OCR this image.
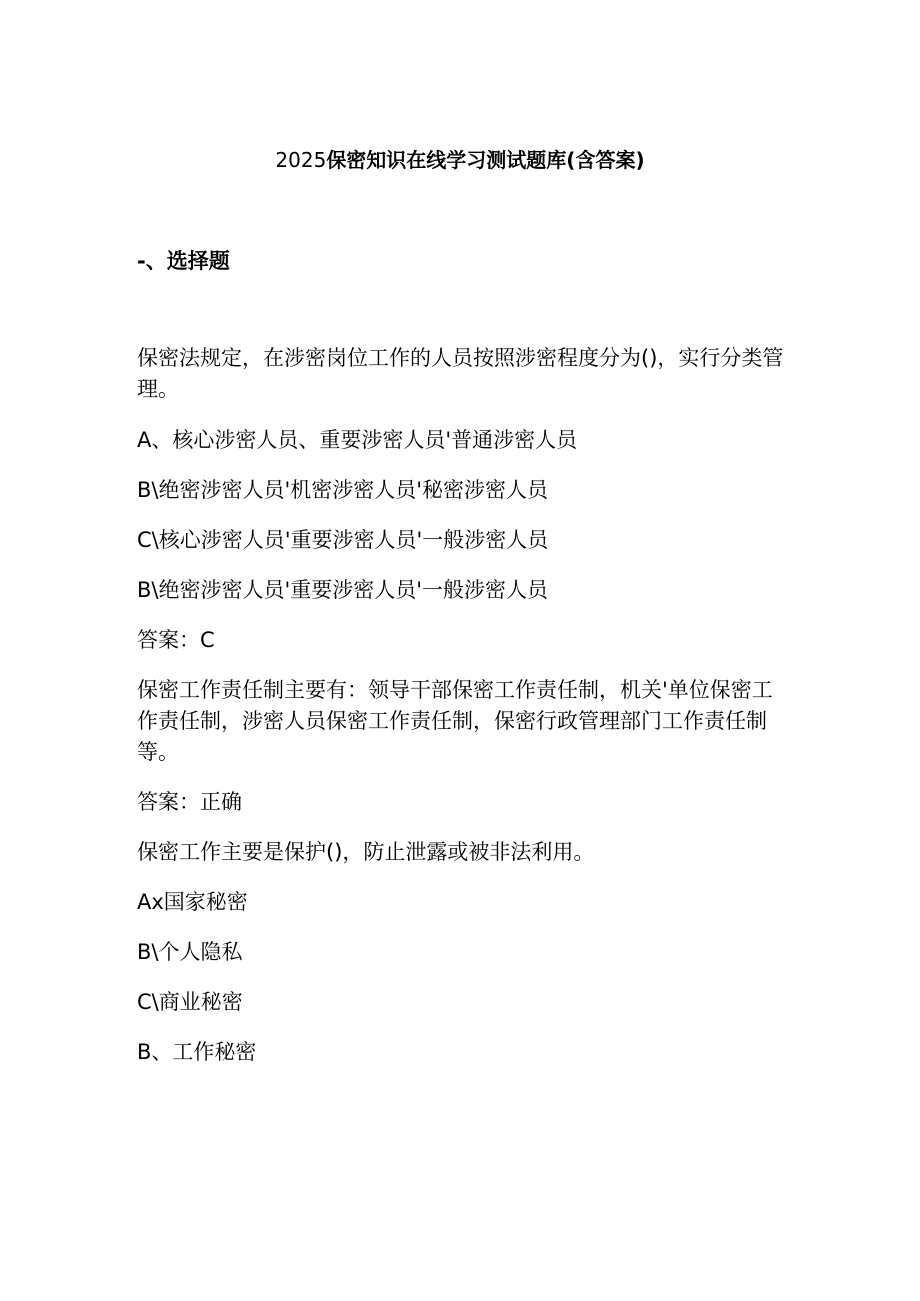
2025保密知识在线学习测试题库(含答案)
-、选择题

保密法规定，在涉密岗位工作的人员按照涉密程度分为()，实行分类管理。

A、核心涉密人员、重要涉密人员'普通涉密人员

B\绝密涉密人员'机密涉密人员'秘密涉密人员

C\核心涉密人员'重要涉密人员'一般涉密人员

B\绝密涉密人员'重要涉密人员'一般涉密人员

答案：C

保密工作责任制主要有：领导干部保密工作责任制，机关'单位保密工作责任制，涉密人员保密工作责任制，保密行政管理部门工作责任制等。

答案：正确

保密工作主要是保护()，防止泄露或被非法利用。

Ax国家秘密

B\个人隐私

C\商业秘密

B、工作秘密
